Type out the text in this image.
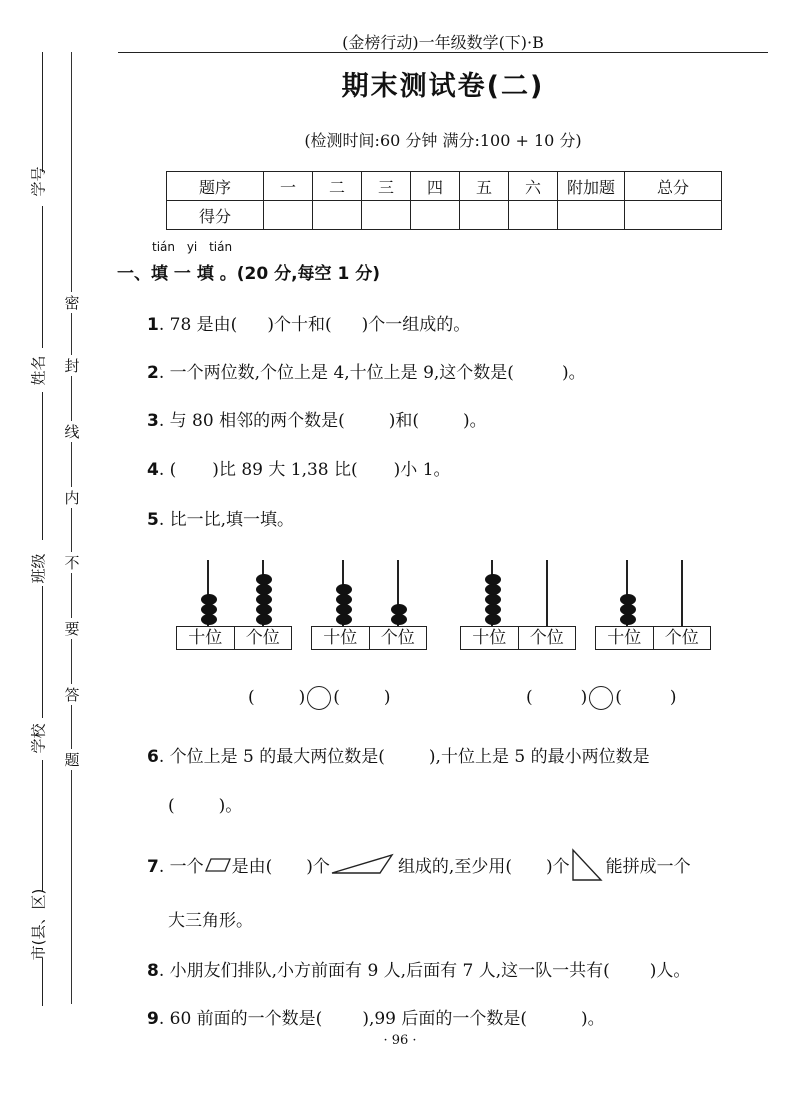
学号
姓名
班级
学校
市(县、区)
密
封
线
内
不
要
答
题
(金榜行动)一年级数学(下)·B
期末测试卷(二)
(检测时间:60 分钟 满分:100 + 10 分)
题序	一	二	三	四	五	六	附加题	总分
得分								
tián yi tián
一、填 一 填 。(20 分,每空 1 分)
1. 78 是由( )个十和( )个一组成的。
2. 一个两位数,个位上是 4,十位上是 9,这个数是(	)。
3. 与 80 相邻的两个数是(	)和(	)。
4. ( )比 89 大 1,38 比( )小 1。
5. 比一比,填一填。
十位	个位	十位	个位	十位	个位	十位	个位
(	) (	)	(	) (	)
6. 个位上是 5 的最大两位数是(	),十位上是 5 的最小两位数是
(	)。
7. 一个 是由( )个	组成的,至少用( )个 能拼成一个
大三角形。
8. 小朋友们排队,小方前面有 9 人,后面有 7 人,这一队一共有( )人。
9. 60 前面的一个数是( ),99 后面的一个数是(	)。
· 96 ·
